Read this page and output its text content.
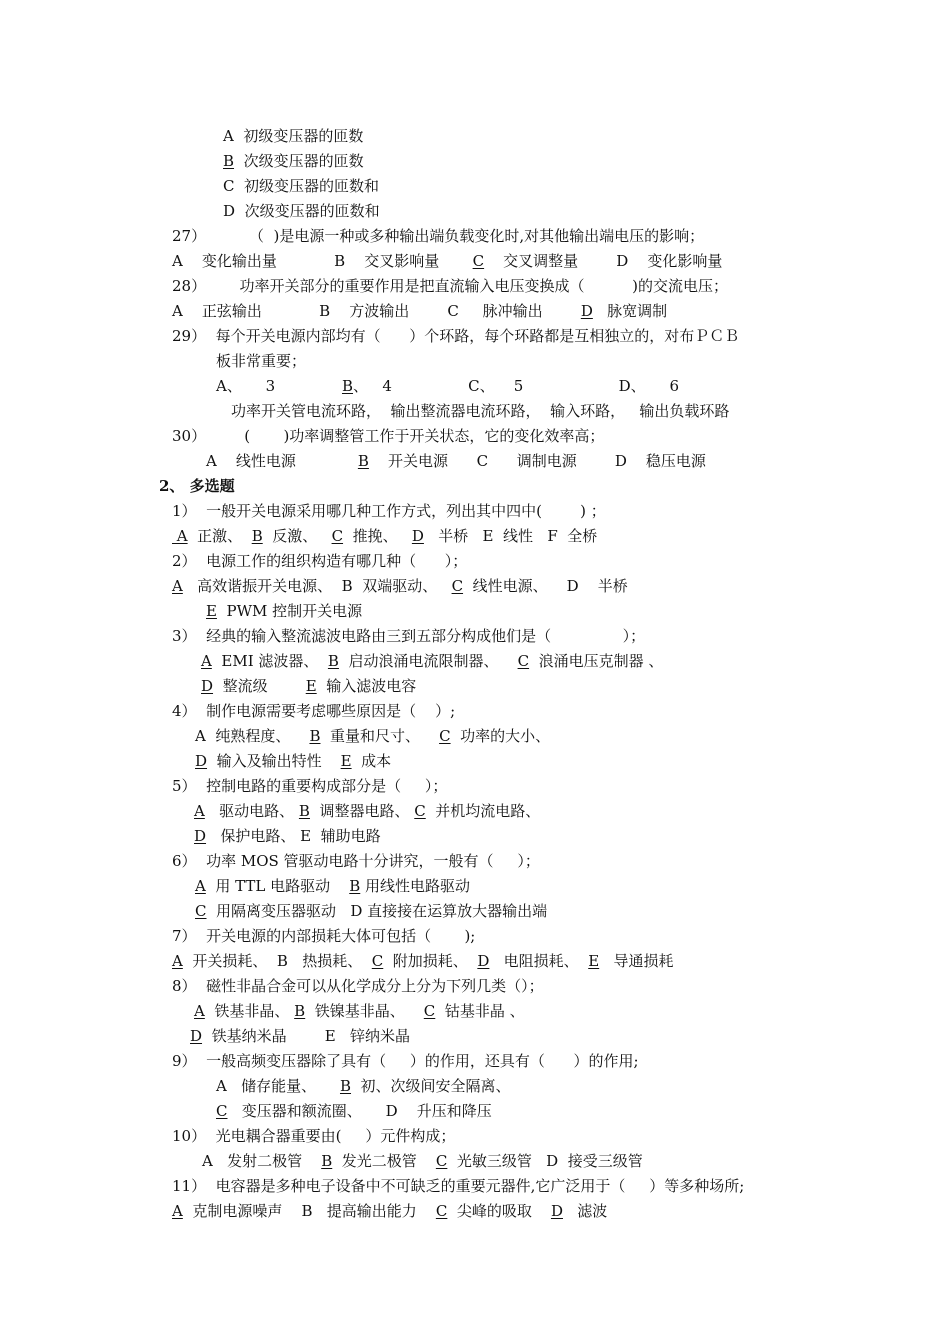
A  初级变压器的匝数
B  次级变压器的匝数
C  初级变压器的匝数和
D  次级变压器的匝数和
27）         （  )是电源一种或多种输出端负载变化时,对其他输出端电压的影响；
A    变化输出量            B    交叉影响量       C    交叉调整量        D    变化影响量
28）       功率开关部分的重要作用是把直流输入电压变换成（          )的交流电压；
A    正弦输出            B    方波输出        C     脉冲输出        D   脉宽调制
29）  每个开关电源内部均有（      ）个环路，每个环路都是互相独立的，对布ＰＣＢ
板非常重要；
A、     3              B、   4                C、    5                    D、     6
功率开关管电流环路，  输出整流器电流环路，  输入环路，   输出负载环路
30）        (       )功率调整管工作于开关状态，它的变化效率高；
A    线性电源             B    开关电源      C      调制电源        D    稳压电源
2、 多选题
1）  一般开关电源采用哪几种工作方式，列出其中四中(        ) ；
A  正激、  B  反激、   C  推挽、   D   半桥   E  线性   F  全桥
2）  电源工作的组织构造有哪几种（      ）；
A   高效谐振开关电源、  B  双端驱动、   C  线性电源、    D    半桥
E  PWM 控制开关电源
3）  经典的输入整流滤波电路由三到五部分构成他们是（               ）；
A  EMI 滤波器、  B  启动浪涌电流限制器、    C  浪涌电压克制器 、
D  整流级        E  输入滤波电容
4）  制作电源需要考虑哪些原因是（    ）;
A  纯熟程度、    B  重量和尺寸、    C  功率的大小、
D  输入及输出特性    E  成本
5）  控制电路的重要构成部分是（     ）；
A   驱动电路、 B  调整器电路、 C  并机均流电路、
D   保护电路、 E  辅助电路
6）  功率 MOS 管驱动电路十分讲究，一般有（     ）；
A  用 TTL 电路驱动    B 用线性电路驱动
C  用隔离变压器驱动   D 直接接在运算放大器输出端
7）  开关电源的内部损耗大体可包括（       );
A  开关损耗、  B   热损耗、  C  附加损耗、  D   电阻损耗、  E   导通损耗
8）  磁性非晶合金可以从化学成分上分为下列几类（）；
A  铁基非晶、 B  铁镍基非晶、    C  钴基非晶 、
D  铁基纳米晶        E   锌纳米晶
9）  一般高频变压器除了具有（     ）的作用，还具有（      ）的作用;
A   储存能量、     B  初、次级间安全隔离、
C   变压器和额流圈、     D    升压和降压
10）  光电耦合器重要由(     ）元件构成；
A   发射二极管    B  发光二极管    C  光敏三级管   D  接受三级管
11）  电容器是多种电子设备中不可缺乏的重要元器件,它广泛用于（     ）等多种场所;
A  克制电源噪声    B   提高输出能力    C  尖峰的吸取    D   滤波
